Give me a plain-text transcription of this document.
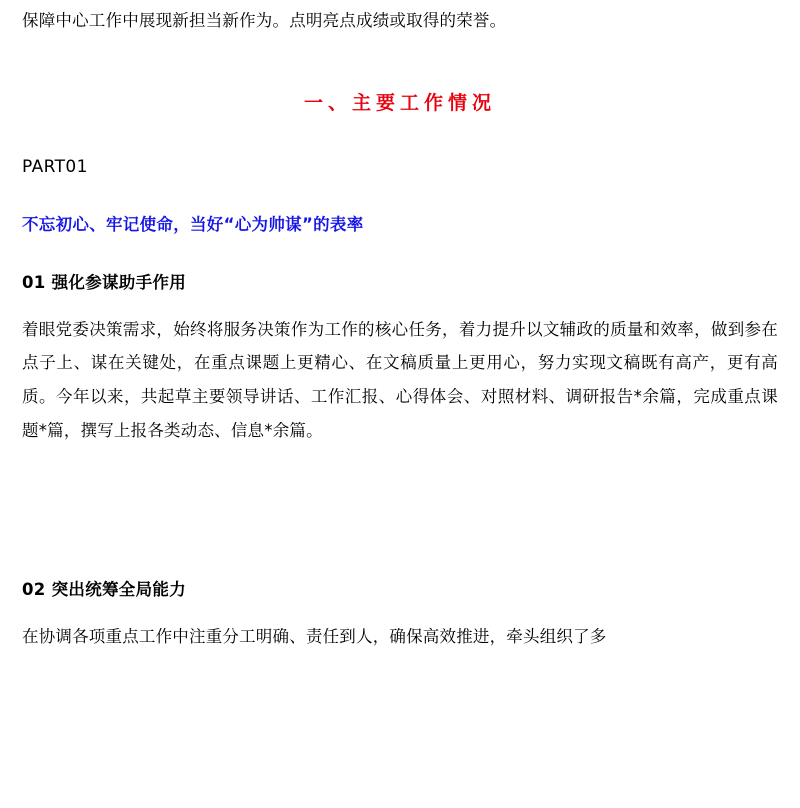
保障中心工作中展现新担当新作为。点明亮点成绩或取得的荣誉。

一、主要工作情况

PART01

不忘初心、牢记使命，当好“心为帅谋”的表率
01 强化参谋助手作用

着眼党委决策需求，始终将服务决策作为工作的核心任务，着力提升以文辅政的质量和效率，做到参在点子上、谋在关键处，在重点课题上更精心、在文稿质量上更用心，努力实现文稿既有高产，更有高质。今年以来，共起草主要领导讲话、工作汇报、心得体会、对照材料、调研报告*余篇，完成重点课题*篇，撰写上报各类动态、信息*余篇。

02 突出统筹全局能力

在协调各项重点工作中注重分工明确、责任到人，确保高效推进，牵头组织了多
